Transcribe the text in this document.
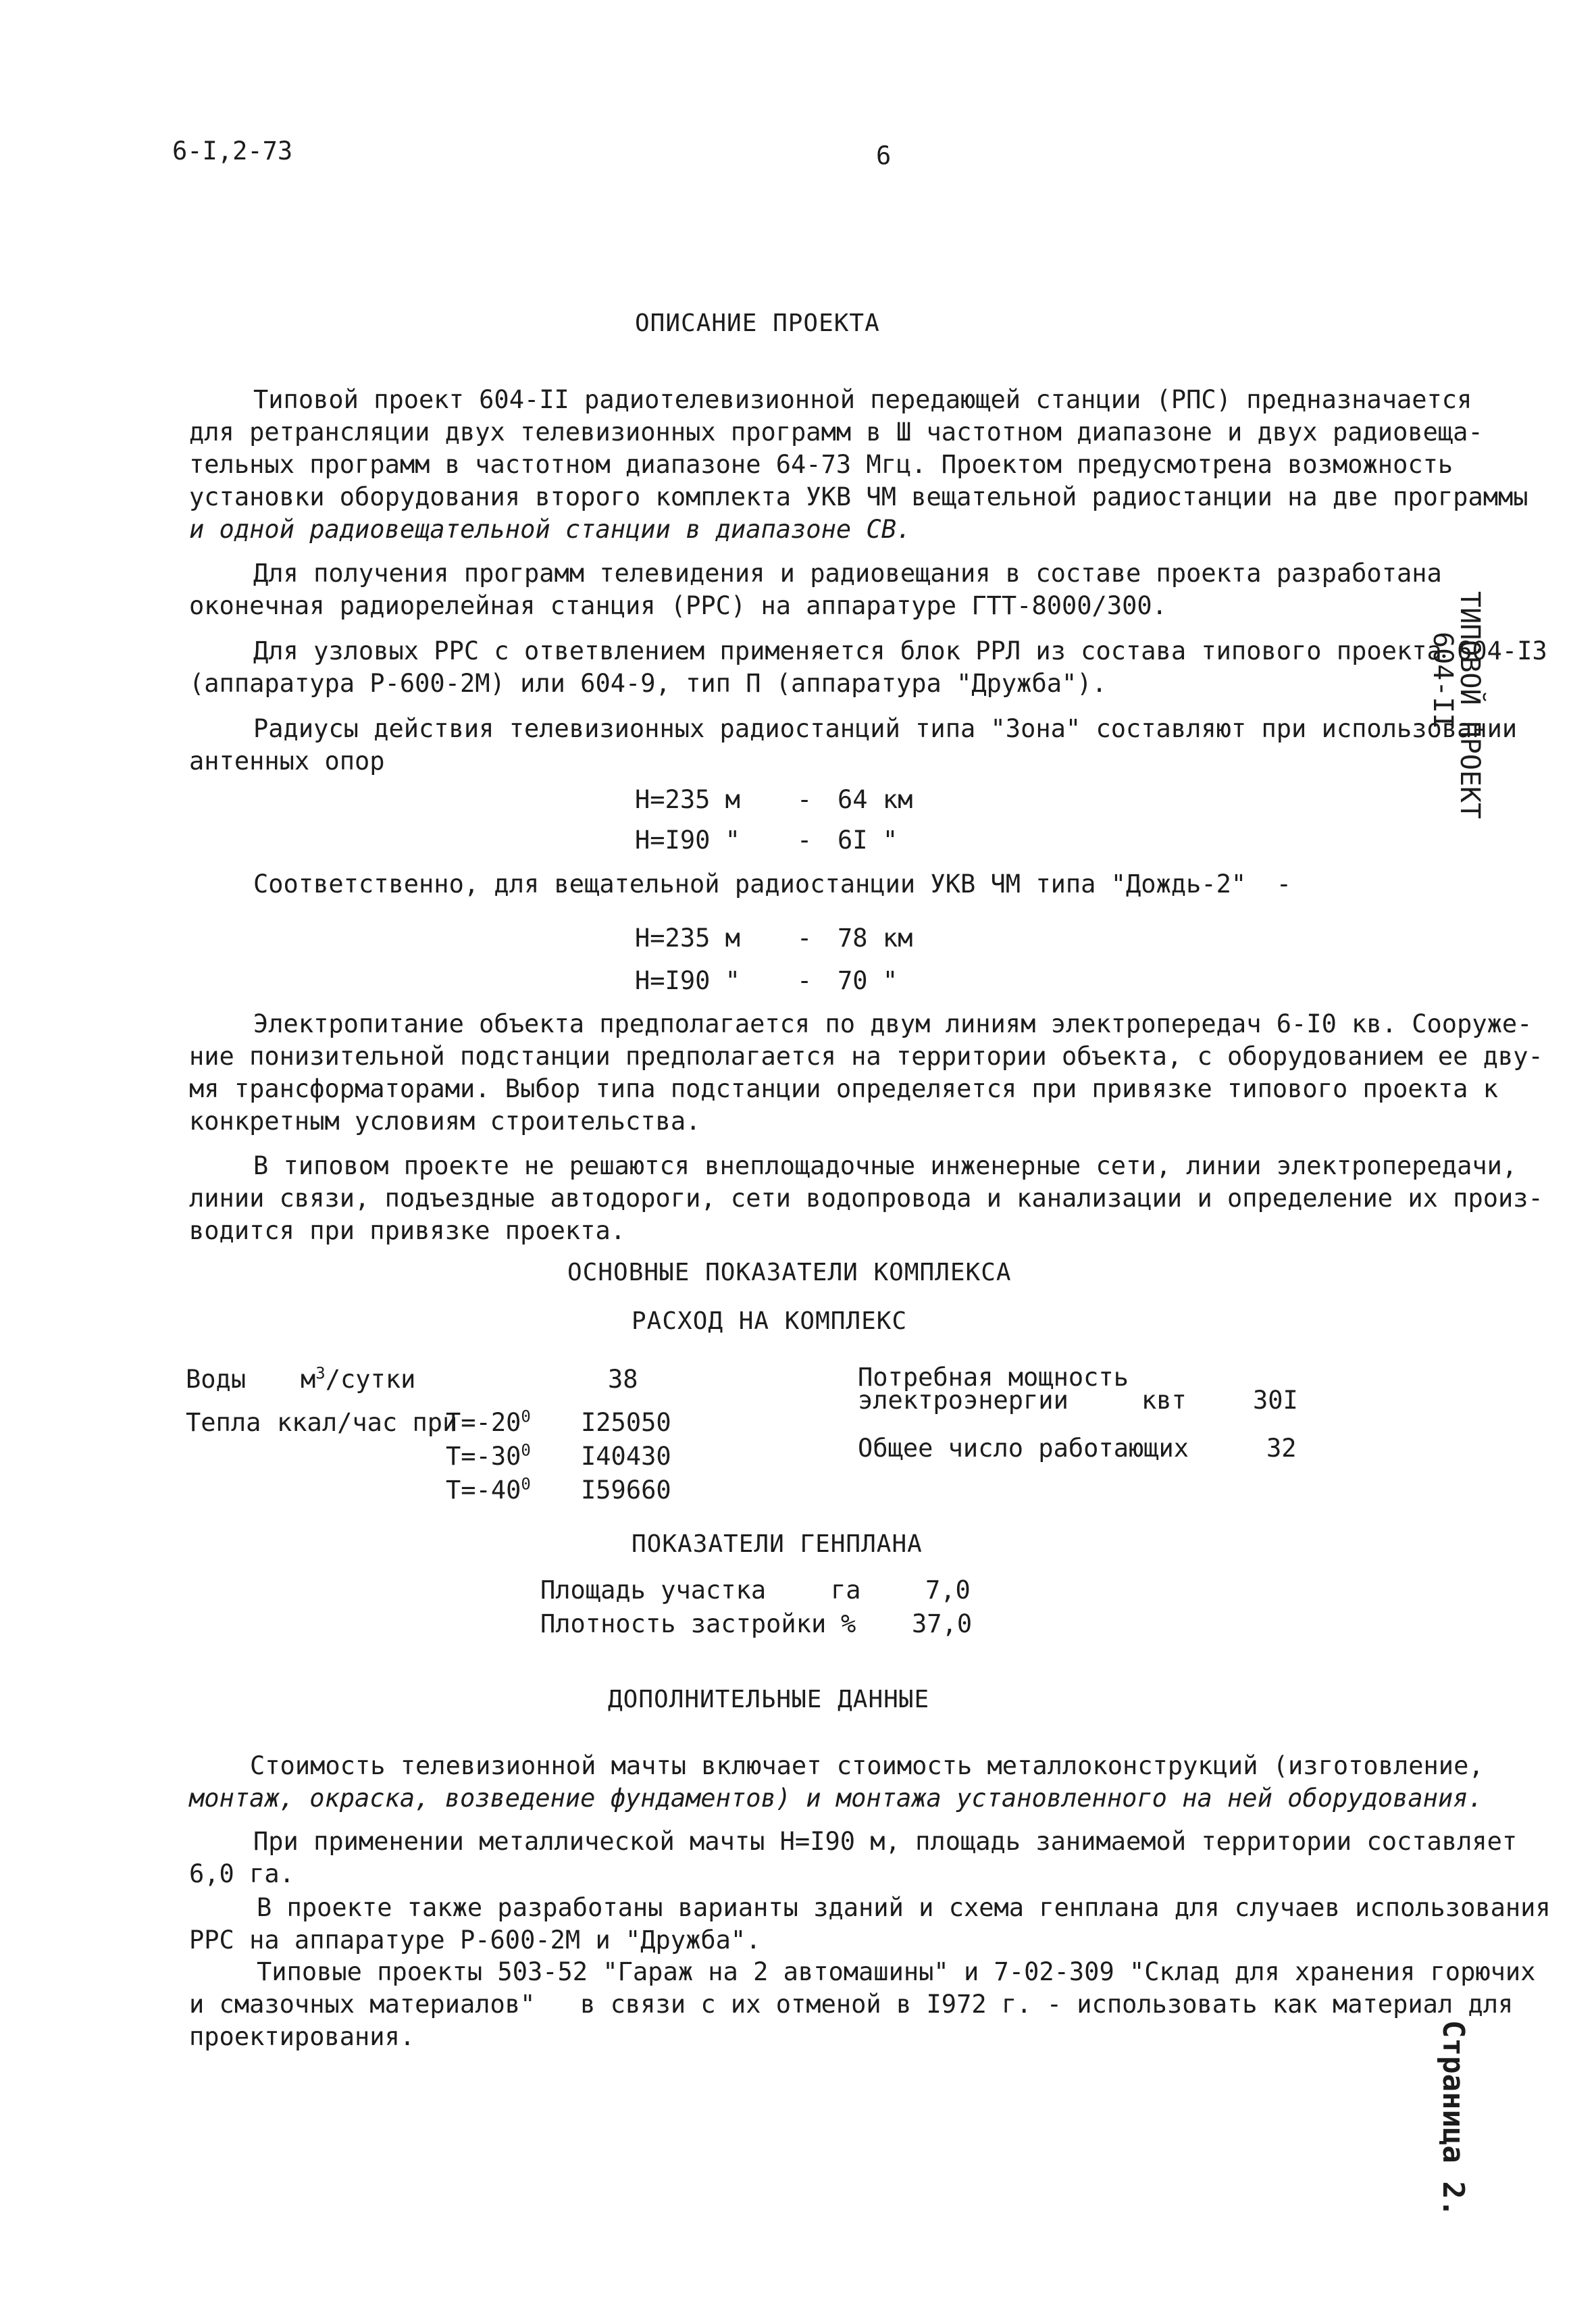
6-I,2-73	6
ТИПОВОЙ ПРОЕКТ
604-II
Страница 2.
ОПИСАНИЕ ПРОЕКТА
Типовой проект 604-II радиотелевизионной передающей станции (РПС) предназначается
для ретрансляции двух телевизионных программ в Ш частотном диапазоне и двух радиовеща-
тельных программ в частотном диапазоне 64-73 Мгц. Проектом предусмотрена возможность
установки оборудования второго комплекта УКВ ЧМ вещательной радиостанции на две программы
и одной радиовещательной станции в диапазоне СВ.
Для получения программ телевидения и радиовещания в составе проекта разработана
оконечная радиорелейная станция (РРС) на аппаратуре ГТТ-8000/300.
Для узловых РРС с ответвлением применяется блок РРЛ из состава типового проекта 604-I3
(аппаратура Р-600-2М) или 604-9, тип П (аппаратура "Дружба").
Радиусы действия телевизионных радиостанций типа "Зона" составляют при использовании
антенных опор
Н=235 м - 64 км
Н=I90 " - 6I "
Соответственно, для вещательной радиостанции УКВ ЧМ типа "Дождь-2"  -
Н=235 м - 78 км
Н=I90 " - 70 "
Электропитание объекта предполагается по двум линиям электропередач 6-I0 кв. Сооруже-
ние понизительной подстанции предполагается на территории объекта, с оборудованием ее дву-
мя трансформаторами. Выбор типа подстанции определяется при привязке типового проекта к
конкретным условиям строительства.
В типовом проекте не решаются внеплощадочные инженерные сети, линии электропередачи,
линии связи, подъездные автодороги, сети водопровода и канализации и определение их произ-
водится при привязке проекта.
ОСНОВНЫЕ ПОКАЗАТЕЛИ КОМПЛЕКСА
РАСХОД НА КОМПЛЕКС
Воды $м^3$/сутки	38
Тепла ккал/час при
$Т=-20^0$ I25050
$Т=-30^0$ I40430
$Т=-40^0$ I59660
Потребная мощность
электроэнергии	квт	30I
Общее число работающих	32
ПОКАЗАТЕЛИ ГЕНПЛАНА
Площадь участка	га	7,0
Плотность застройки % 37,0
ДОПОЛНИТЕЛЬНЫЕ ДАННЫЕ
Стоимость телевизионной мачты включает стоимость металлоконструкций (изготовление,
монтаж, окраска, возведение фундаментов) и монтажа установленного на ней оборудования.
При применении металлической мачты Н=I90 м, площадь занимаемой территории составляет
6,0 га.
В проекте также разработаны варианты зданий и схема генплана для случаев использования
РРС на аппаратуре Р-600-2М и "Дружба".
Типовые проекты 503-52 "Гараж на 2 автомашины" и 7-02-309 "Склад для хранения горючих
и смазочных материалов"   в связи с их отменой в I972 г. - использовать как материал для
проектирования.
